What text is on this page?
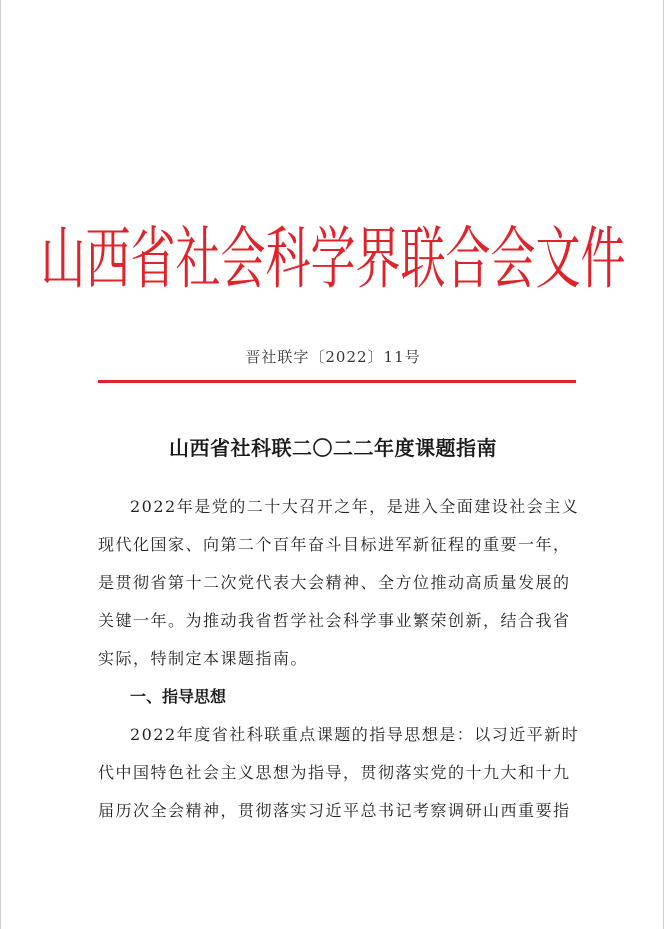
山西省社会科学界联合会文件
晋社联字〔2022〕11号
山西省社科联二〇二二年度课题指南
2022年是党的二十大召开之年，是进入全面建设社会主义
现代化国家、向第二个百年奋斗目标进军新征程的重要一年，
是贯彻省第十二次党代表大会精神、全方位推动高质量发展的
关键一年。为推动我省哲学社会科学事业繁荣创新，结合我省
实际，特制定本课题指南。
一、指导思想
2022年度省社科联重点课题的指导思想是：以习近平新时
代中国特色社会主义思想为指导，贯彻落实党的十九大和十九
届历次全会精神，贯彻落实习近平总书记考察调研山西重要指
